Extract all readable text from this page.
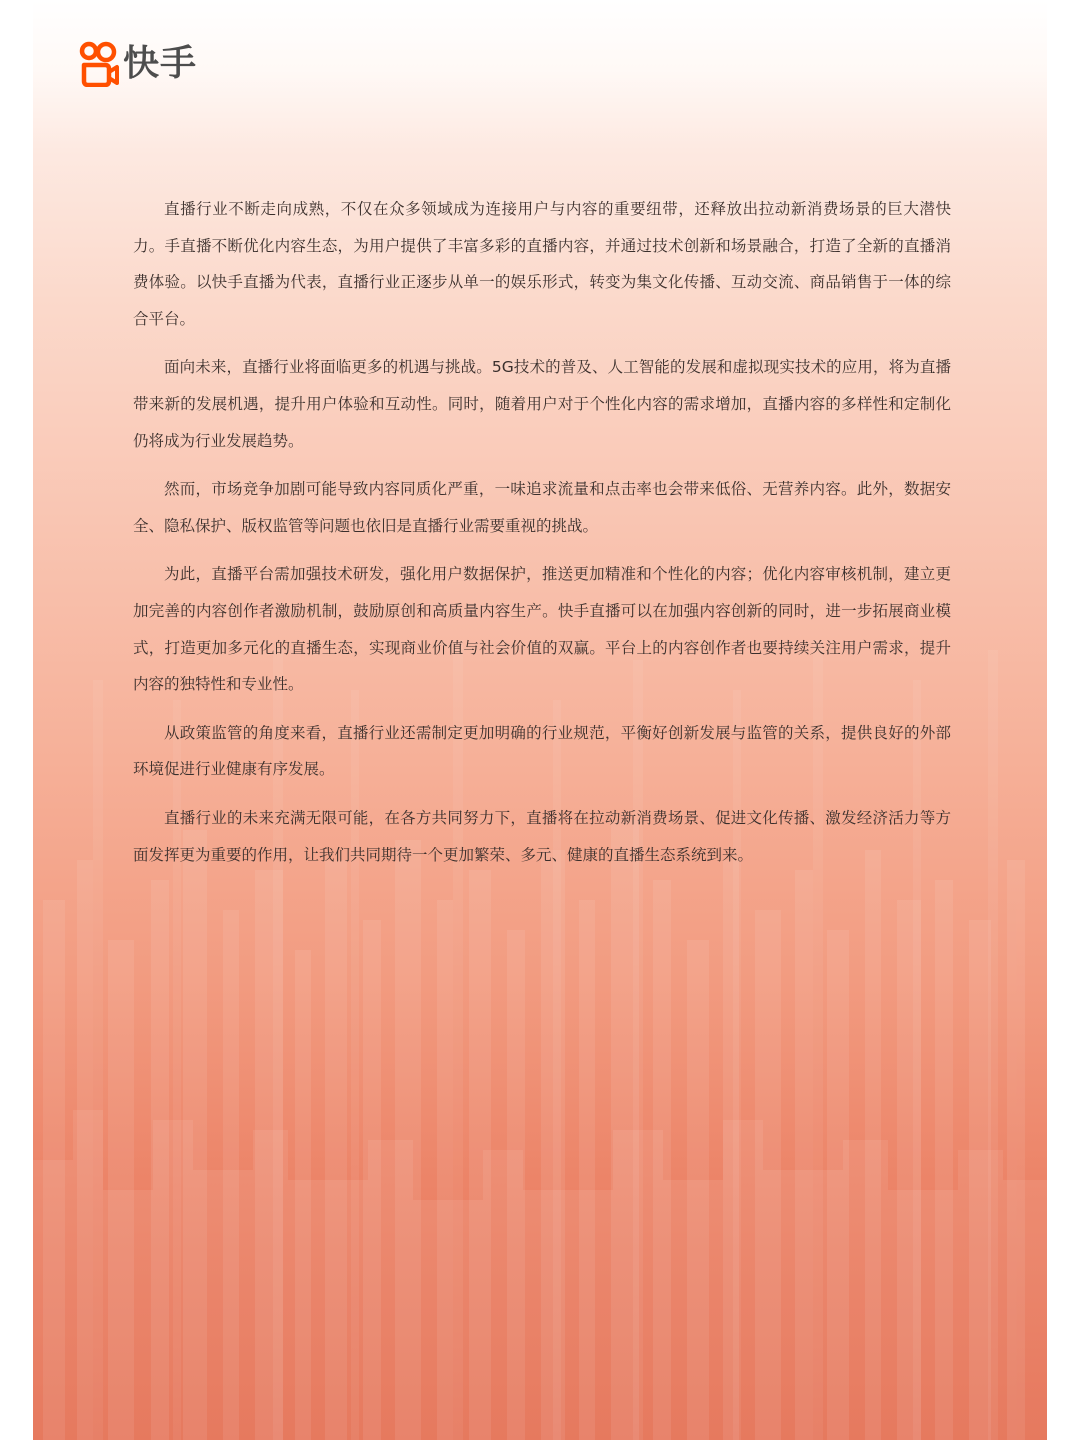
快手

直播行业不断走向成熟，不仅在众多领域成为连接用户与内容的重要纽带，还释放出拉动新消费场景的巨大潜快力。手直播不断优化内容生态，为用户提供了丰富多彩的直播内容，并通过技术创新和场景融合，打造了全新的直播消费体验。以快手直播为代表，直播行业正逐步从单一的娱乐形式，转变为集文化传播、互动交流、商品销售于一体的综合平台。

面向未来，直播行业将面临更多的机遇与挑战。5G技术的普及、人工智能的发展和虚拟现实技术的应用，将为直播带来新的发展机遇，提升用户体验和互动性。同时，随着用户对于个性化内容的需求增加，直播内容的多样性和定制化仍将成为行业发展趋势。

然而，市场竞争加剧可能导致内容同质化严重，一味追求流量和点击率也会带来低俗、无营养内容。此外，数据安全、隐私保护、版权监管等问题也依旧是直播行业需要重视的挑战。

为此，直播平台需加强技术研发，强化用户数据保护，推送更加精准和个性化的内容；优化内容审核机制，建立更加完善的内容创作者激励机制，鼓励原创和高质量内容生产。快手直播可以在加强内容创新的同时，进一步拓展商业模式，打造更加多元化的直播生态，实现商业价值与社会价值的双赢。平台上的内容创作者也要持续关注用户需求，提升内容的独特性和专业性。

从政策监管的角度来看，直播行业还需制定更加明确的行业规范，平衡好创新发展与监管的关系，提供良好的外部环境促进行业健康有序发展。

直播行业的未来充满无限可能，在各方共同努力下，直播将在拉动新消费场景、促进文化传播、激发经济活力等方面发挥更为重要的作用，让我们共同期待一个更加繁荣、多元、健康的直播生态系统到来。
